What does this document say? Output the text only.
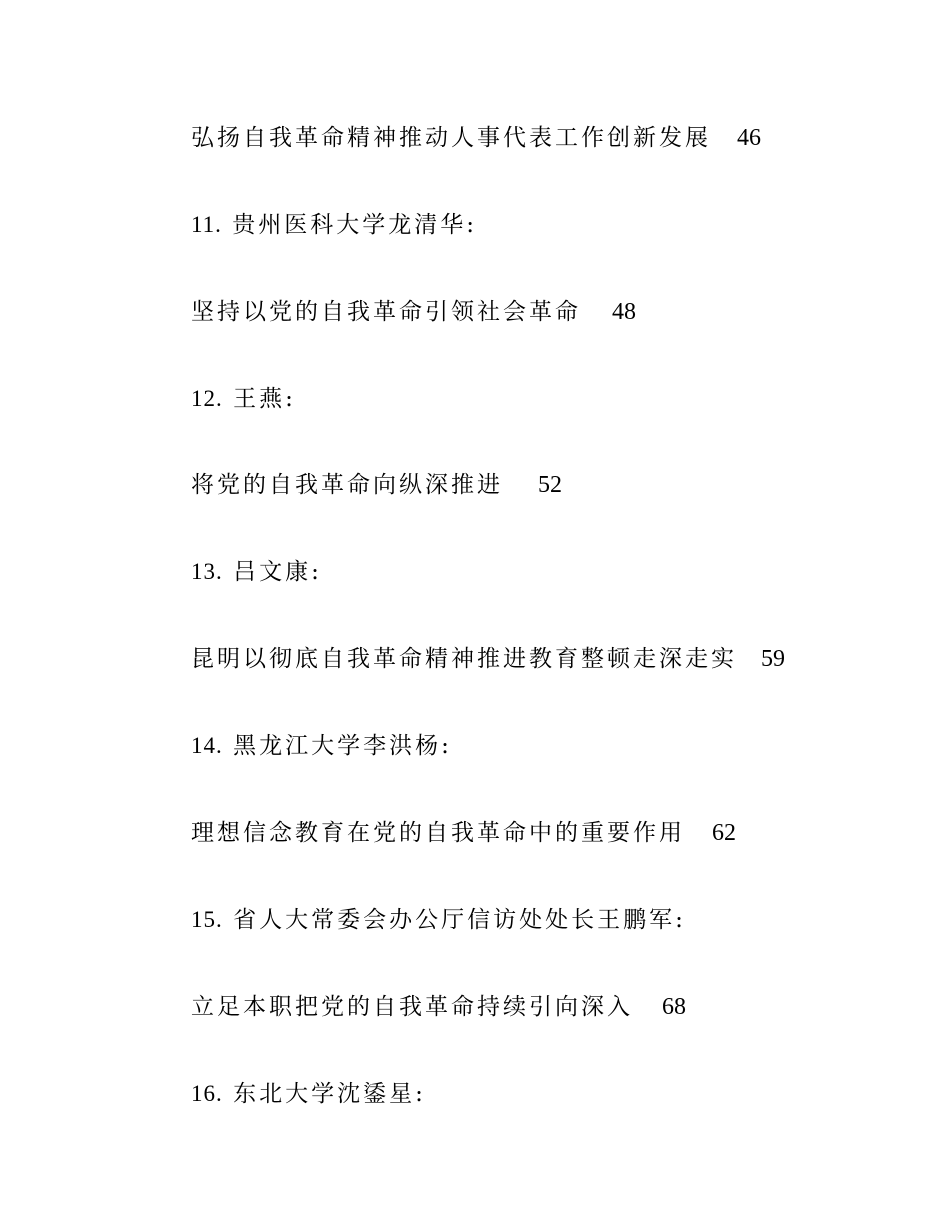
弘扬自我革命精神推动人事代表工作创新发展 46
11. 贵州医科大学龙清华:
坚持以党的自我革命引领社会革命 48
12. 王燕:
将党的自我革命向纵深推进 52
13. 吕文康:
昆明以彻底自我革命精神推进教育整顿走深走实 59
14. 黑龙江大学李洪杨:
理想信念教育在党的自我革命中的重要作用 62
15. 省人大常委会办公厅信访处处长王鹏军:
立足本职把党的自我革命持续引向深入 68
16. 东北大学沈鋈星:
